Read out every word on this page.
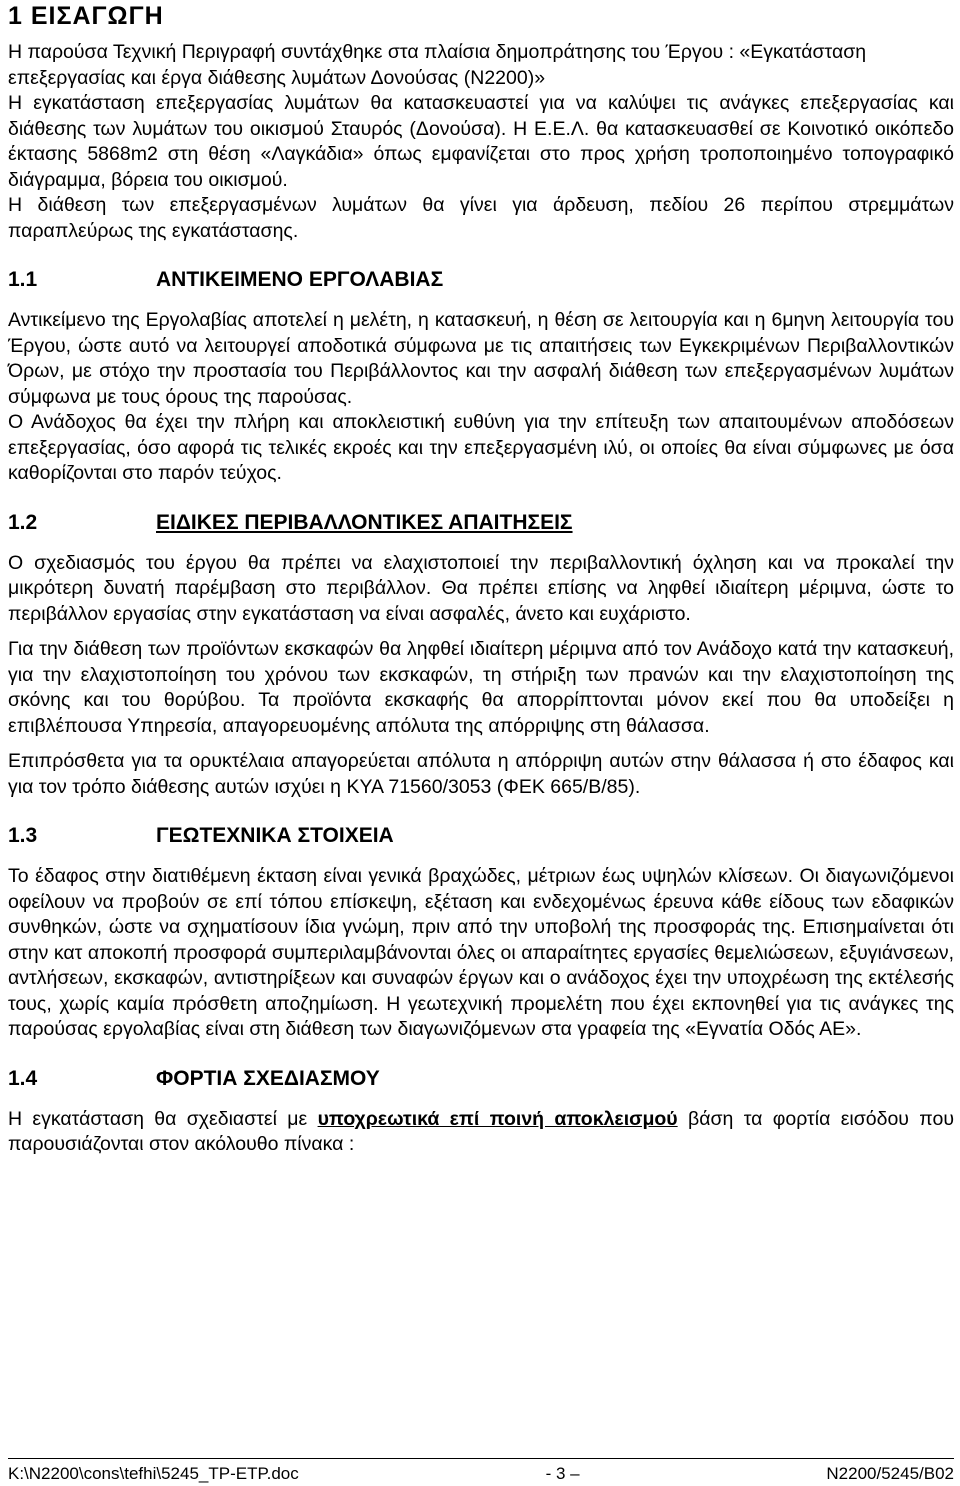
1 ΕΙΣΑΓΩΓΗ

Η παρούσα Τεχνική Περιγραφή συντάχθηκε στα πλαίσια δημοπράτησης του Έργου : «Εγκατάσταση επεξεργασίας και έργα διάθεσης λυμάτων Δονούσας (Ν2200)»

Η εγκατάσταση επεξεργασίας λυμάτων θα κατασκευαστεί για να καλύψει τις ανάγκες επεξεργασίας και διάθεσης των λυμάτων του οικισμού Σταυρός (Δονούσα). Η Ε.Ε.Λ. θα κατασκευασθεί σε Κοινοτικό οικόπεδο έκτασης 5868m2 στη θέση «Λαγκάδια» όπως εμφανίζεται στο προς χρήση τροποποιημένο τοπογραφικό διάγραμμα, βόρεια του οικισμού.

Η διάθεση των επεξεργασμένων λυμάτων θα γίνει για άρδευση, πεδίου 26 περίπου στρεμμάτων παραπλεύρως της εγκατάστασης.

1.1	ΑΝΤΙΚΕΙΜΕΝΟ ΕΡΓΟΛΑΒΙΑΣ

Αντικείμενο της Εργολαβίας αποτελεί η μελέτη, η κατασκευή, η θέση σε λειτουργία και η 6μηνη λειτουργία του Έργου, ώστε αυτό να λειτουργεί αποδοτικά σύμφωνα με τις απαιτήσεις των Εγκεκριμένων Περιβαλλοντικών Όρων, με στόχο την προστασία του Περιβάλλοντος και την ασφαλή διάθεση των επεξεργασμένων λυμάτων σύμφωνα με τους όρους της παρούσας.

Ο Ανάδοχος θα έχει την πλήρη και αποκλειστική ευθύνη για την επίτευξη των απαιτουμένων αποδόσεων επεξεργασίας, όσο αφορά τις τελικές εκροές και την επεξεργασμένη ιλύ, οι οποίες θα είναι σύμφωνες με όσα καθορίζονται στο παρόν τεύχος.

1.2	ΕΙΔΙΚΕΣ ΠΕΡΙΒΑΛΛΟΝΤΙΚΕΣ ΑΠΑΙΤΗΣΕΙΣ

Ο σχεδιασμός του έργου θα πρέπει να ελαχιστοποιεί την περιβαλλοντική όχληση και να προκαλεί την μικρότερη δυνατή παρέμβαση στο περιβάλλον. Θα πρέπει επίσης να ληφθεί ιδιαίτερη μέριμνα, ώστε το περιβάλλον εργασίας στην εγκατάσταση να είναι ασφαλές, άνετο και ευχάριστο.

Για την διάθεση των προϊόντων εκσκαφών θα ληφθεί ιδιαίτερη μέριμνα από τον Ανάδοχο κατά την κατασκευή, για την ελαχιστοποίηση του χρόνου των εκσκαφών, τη στήριξη των πρανών και την ελαχιστοποίηση της σκόνης και του θορύβου. Τα προϊόντα εκσκαφής θα απορρίπτονται μόνον εκεί που θα υποδείξει η επιβλέπουσα Υπηρεσία, απαγορευομένης απόλυτα της απόρριψης στη θάλασσα.

Επιπρόσθετα για τα ορυκτέλαια απαγορεύεται απόλυτα η απόρριψη αυτών στην θάλασσα ή στο έδαφος και για τον τρόπο διάθεσης αυτών ισχύει η ΚΥΑ 71560/3053 (ΦΕΚ 665/Β/85).

1.3	ΓΕΩΤΕΧΝΙΚΑ ΣΤΟΙΧΕΙΑ

Το έδαφος στην διατιθέμενη έκταση είναι γενικά βραχώδες, μέτριων έως υψηλών κλίσεων. Οι διαγωνιζόμενοι οφείλουν να προβούν σε επί τόπου επίσκεψη, εξέταση και ενδεχομένως έρευνα κάθε είδους των εδαφικών συνθηκών, ώστε να σχηματίσουν ίδια γνώμη, πριν από την υποβολή της προσφοράς της. Επισημαίνεται ότι στην κατ αποκοπή προσφορά συμπεριλαμβάνονται όλες οι απαραίτητες εργασίες θεμελιώσεων, εξυγιάνσεων, αντλήσεων, εκσκαφών, αντιστηρίξεων και συναφών έργων και ο ανάδοχος έχει την υποχρέωση της εκτέλεσής τους, χωρίς καμία πρόσθετη αποζημίωση. Η γεωτεχνική προμελέτη που έχει εκπονηθεί για τις ανάγκες της παρούσας εργολαβίας είναι στη διάθεση των διαγωνιζόμενων στα γραφεία της «Εγνατία Οδός ΑΕ».

1.4	ΦΟΡΤΙΑ ΣΧΕΔΙΑΣΜΟΥ

Η εγκατάσταση θα σχεδιαστεί με υποχρεωτικά επί ποινή αποκλεισμού βάση τα φορτία εισόδου που παρουσιάζονται στον ακόλουθο πίνακα :

K:\N2200\cons\tefhi\5245_TP-ETP.doc	- 3 –	N2200/5245/B02
